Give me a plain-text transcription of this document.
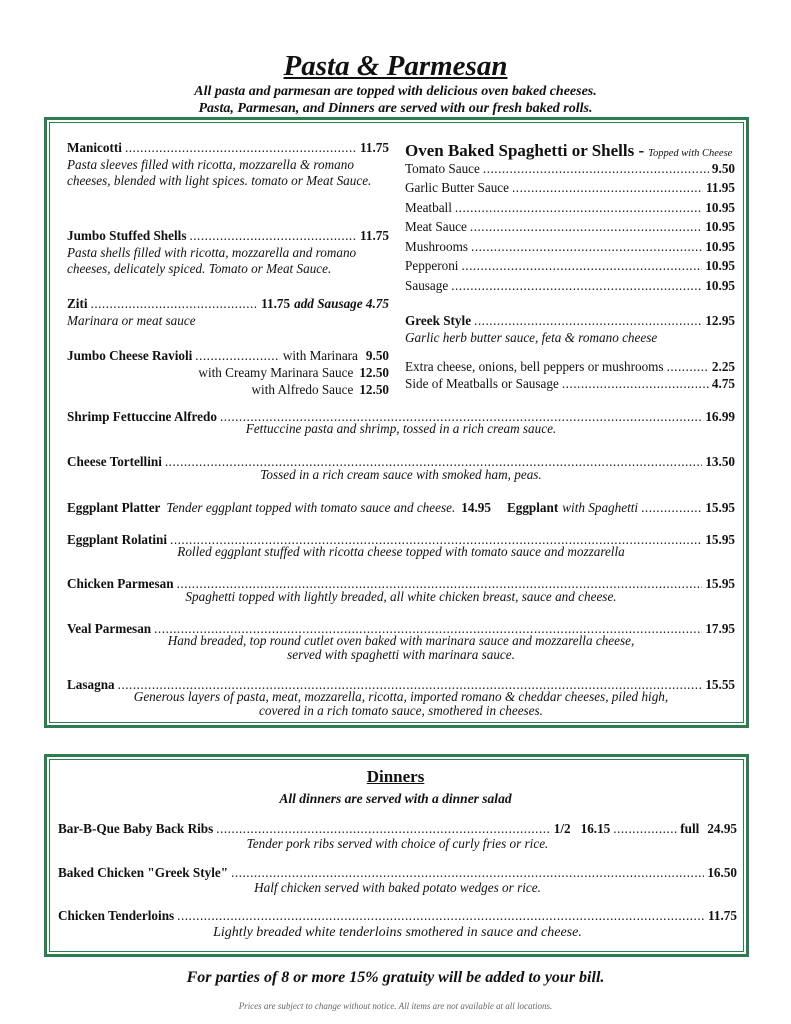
Pasta & Parmesan
All pasta and parmesan are topped with delicious oven baked cheeses.
Pasta, Parmesan, and Dinners are served with our fresh baked rolls.
Manicotti .....	11.75
Pasta sleeves filled with ricotta, mozzarella & romano cheeses, blended with light spices. tomato or Meat Sauce.
Jumbo Stuffed Shells .....	11.75
Pasta shells filled with ricotta, mozzarella and romano cheeses, delicately spiced. Tomato or Meat Sauce.
Ziti .....	11.75 add Sausage 4.75
Marinara or meat sauce
Jumbo Cheese Ravioli .....	with Marinara 9.50
with Creamy Marinara Sauce 12.50
with Alfredo Sauce 12.50
Oven Baked Spaghetti or Shells - Topped with Cheese
Tomato Sauce .....	9.50
Garlic Butter Sauce .....	11.95
Meatball .....	10.95
Meat Sauce .....	10.95
Mushrooms .....	10.95
Pepperoni .....	10.95
Sausage .....	10.95
Greek Style .....	12.95
Garlic herb butter sauce, feta & romano cheese
Extra cheese, onions, bell peppers or mushrooms .....	2.25
Side of Meatballs or Sausage .....	4.75
Shrimp Fettuccine Alfredo .....	16.99
Fettuccine pasta and shrimp, tossed in a rich cream sauce.
Cheese Tortellini .....	13.50
Tossed in a rich cream sauce with smoked ham, peas.
Eggplant Platter Tender eggplant topped with tomato sauce and cheese. 14.95 Eggplant with Spaghetti .....	15.95
Eggplant Rolatini .....	15.95
Rolled eggplant stuffed with ricotta cheese topped with tomato sauce and mozzarella
Chicken Parmesan .....	15.95
Spaghetti topped with lightly breaded, all white chicken breast, sauce and cheese.
Veal Parmesan .....	17.95
Hand breaded, top round cutlet oven baked with marinara sauce and mozzarella cheese,
served with spaghetti with marinara sauce.
Lasagna .....	15.55
Generous layers of pasta, meat, mozzarella, ricotta, imported romano & cheddar cheeses, piled high,
covered in a rich tomato sauce, smothered in cheeses.
Dinners
All dinners are served with a dinner salad
Bar-B-Que Baby Back Ribs .....	1/2 16.15 .....	full 24.95
Tender pork ribs served with choice of curly fries or rice.
Baked Chicken "Greek Style" .....	16.50
Half chicken served with baked potato wedges or rice.
Chicken Tenderloins .....	11.75
Lightly breaded white tenderloins smothered in sauce and cheese.
For parties of 8 or more 15% gratuity will be added to your bill.
Prices are subject to change without notice. All items are not available at all locations.
